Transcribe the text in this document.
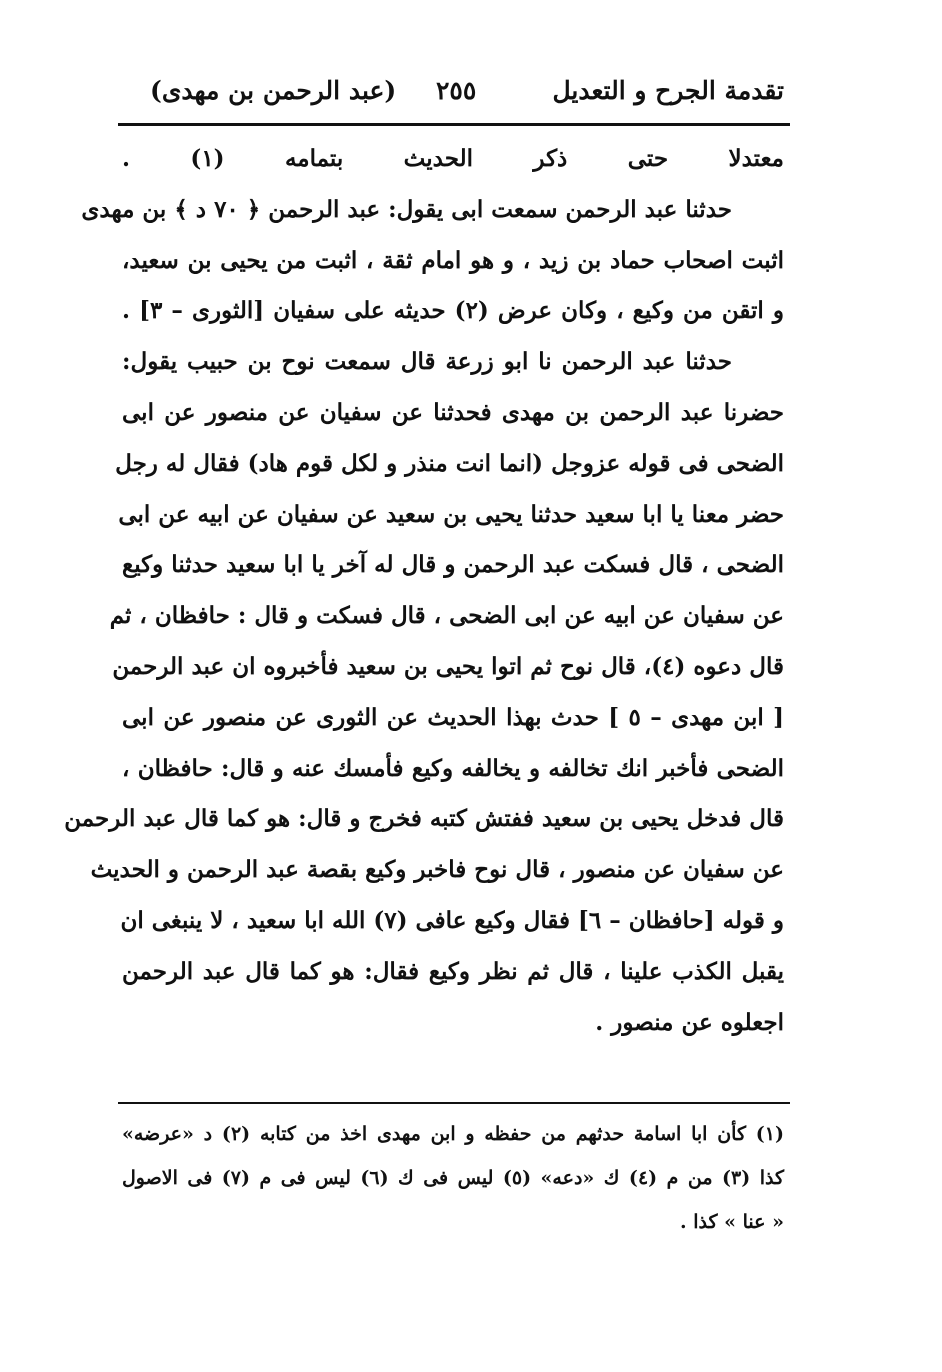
تقدمة الجرح و التعديل
٢٥٥
(عبد الرحمن بن مهدى)
معتدلا حتى ذكر الحديث بتمامه (١) .
حدثنا عبد الرحمن سمعت ابى يقول: عبد الرحمن ﴿ ٧٠ د ﴾ بن مهدى
اثبت اصحاب حماد بن زيد ، و هو امام ثقة ، اثبت من يحيى بن سعيد،
و اتقن من وكيع ، وكان عرض (٢) حديثه على سفيان [الثورى – ٣] .
حدثنا عبد الرحمن نا ابو زرعة قال سمعت نوح بن حبيب يقول:
حضرنا عبد الرحمن بن مهدى فحدثنا عن سفيان عن منصور عن ابى
الضحى فى قوله عزوجل (انما انت منذر و لكل قوم هاد) فقال له رجل
حضر معنا يا ابا سعيد حدثنا يحيى بن سعيد عن سفيان عن ابيه عن ابى
الضحى ، قال فسكت عبد الرحمن و قال له آخر يا ابا سعيد حدثنا وكيع
عن سفيان عن ابيه عن ابى الضحى ، قال فسكت و قال : حافظان ، ثم
قال دعوه (٤)، قال نوح ثم اتوا يحيى بن سعيد فأخبروه ان عبد الرحمن
[ ابن مهدى – ٥ ] حدث بهذا الحديث عن الثورى عن منصور عن ابى
الضحى فأخبر انك تخالفه و يخالفه وكيع فأمسك عنه و قال: حافظان ،
قال فدخل يحيى بن سعيد ففتش كتبه فخرج و قال: هو كما قال عبد الرحمن
عن سفيان عن منصور ، قال نوح فاخبر وكيع بقصة عبد الرحمن و الحديث
و قوله [حافظان – ٦] فقال وكيع عافى (٧) الله ابا سعيد ، لا ينبغى ان
يقبل الكذب علينا ، قال ثم نظر وكيع فقال: هو كما قال عبد الرحمن
اجعلوه عن منصور .
(١) كأن ابا اسامة حدثهم من حفظه و ابن مهدى اخذ من كتابه (٢) د «عرضه»
كذا (٣) من م (٤) ك «دعه» (٥) ليس فى ك (٦) ليس فى م (٧) فى الاصول
« عنا » كذا .
